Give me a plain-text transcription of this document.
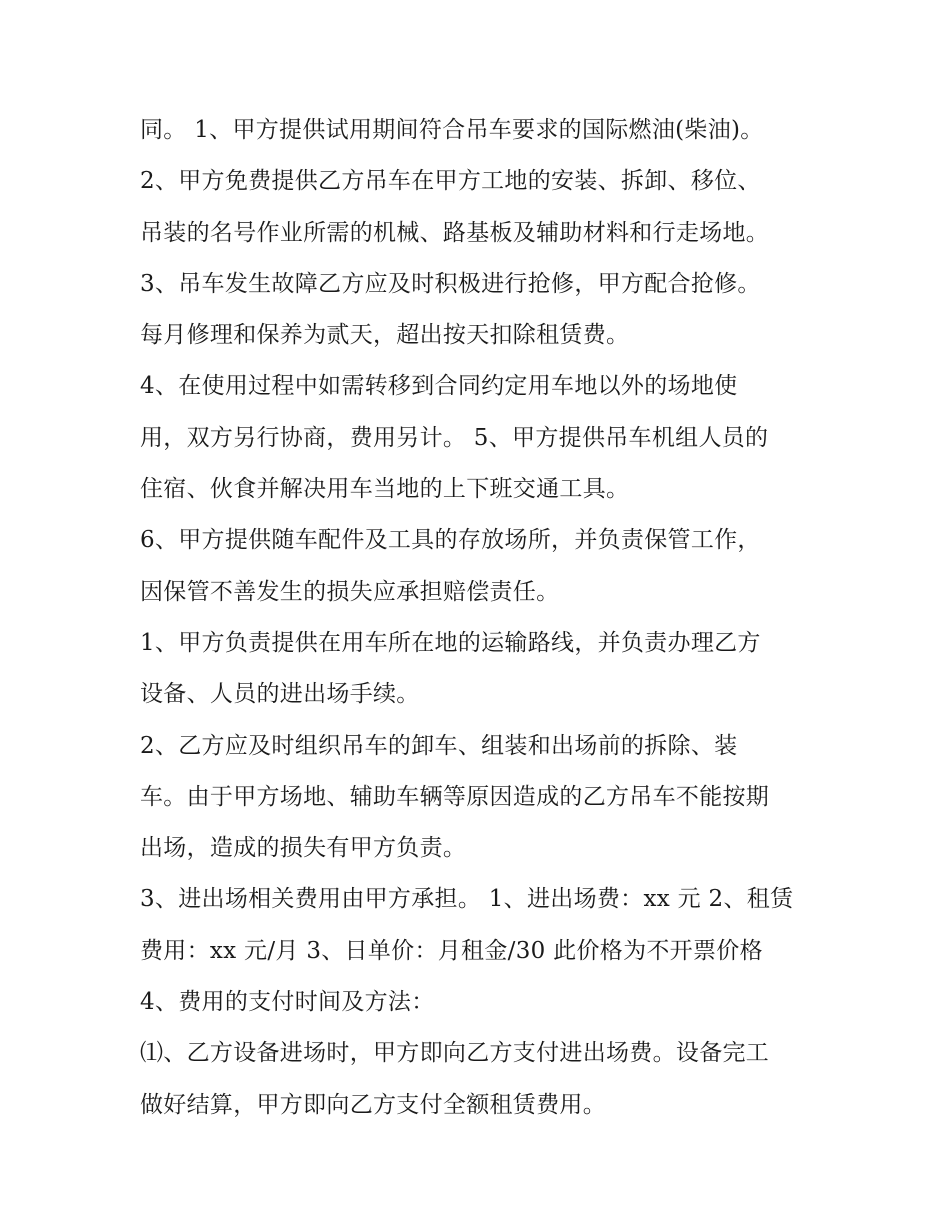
同。 1、甲方提供试用期间符合吊车要求的国际燃油(柴油)。
2、甲方免费提供乙方吊车在甲方工地的安装、拆卸、移位、
吊装的名号作业所需的机械、路基板及辅助材料和行走场地。
3、吊车发生故障乙方应及时积极进行抢修，甲方配合抢修。
每月修理和保养为贰天，超出按天扣除租赁费。
4、在使用过程中如需转移到合同约定用车地以外的场地使
用，双方另行协商，费用另计。 5、甲方提供吊车机组人员的
住宿、伙食并解决用车当地的上下班交通工具。
6、甲方提供随车配件及工具的存放场所，并负责保管工作，
因保管不善发生的损失应承担赔偿责任。
1、甲方负责提供在用车所在地的运输路线，并负责办理乙方
设备、人员的进出场手续。
2、乙方应及时组织吊车的卸车、组装和出场前的拆除、装
车。由于甲方场地、辅助车辆等原因造成的乙方吊车不能按期
出场，造成的损失有甲方负责。
3、进出场相关费用由甲方承担。 1、进出场费：xx 元 2、租赁
费用：xx 元/月 3、日单价：月租金/30 此价格为不开票价格
4、费用的支付时间及方法：
⑴、乙方设备进场时，甲方即向乙方支付进出场费。设备完工
做好结算，甲方即向乙方支付全额租赁费用。
